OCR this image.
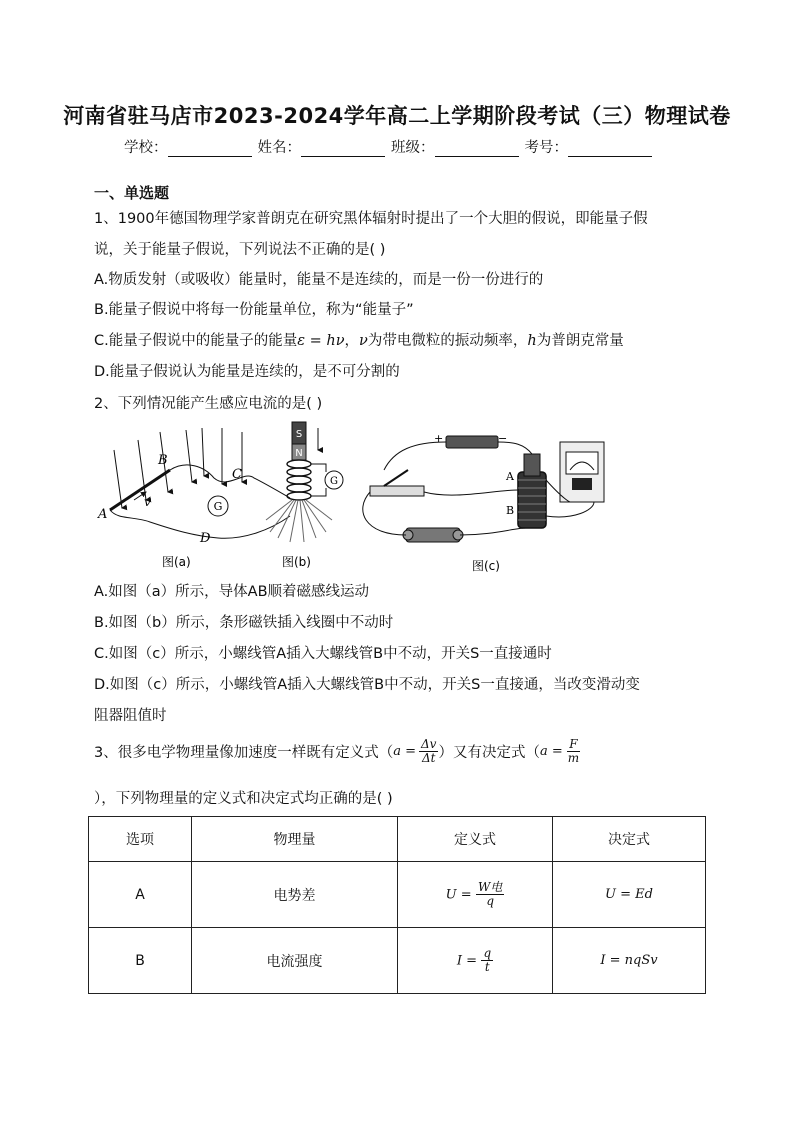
河南省驻马店市2023-2024学年高二上学期阶段考试（三）物理试卷
学校：	姓名：	班级：	考号：
一、单选题
1、1900年德国物理学家普朗克在研究黑体辐射时提出了一个大胆的假说，即能量子假
说，关于能量子假说，下列说法不正确的是( )
A.物质发射（或吸收）能量时，能量不是连续的，而是一份一份进行的
B.能量子假说中将每一份能量单位，称为“能量子”
C.能量子假说中的能量子的能量ε = hν，ν为带电微粒的振动频率，h为普朗克常量
D.能量子假说认为能量是连续的，是不可分割的
2、下列情况能产生感应电流的是( )
G
A
B
C
D
v
图(a)
S
N
G
图(b)
+	−
A
B
图(c)
A.如图（a）所示，导体AB顺着磁感线运动
B.如图（b）所示，条形磁铁插入线圈中不动时
C.如图（c）所示，小螺线管A插入大螺线管B中不动，开关S一直接通时
D.如图（c）所示，小螺线管A插入大螺线管B中不动，开关S一直接通，当改变滑动变
阻器阻值时
3、很多电学物理量像加速度一样既有定义式（ $a = \frac{\Delta v}{\Delta t}$ ）又有决定式（ $a = \frac{F}{m}$
），下列物理量的定义式和决定式均正确的是( )
选项	物理量	定义式	决定式
A	电势差	$U = \frac{\text{W电}}{q}$	U = Ed
B	电流强度	$I = \frac{q}{t}$	I = nqSv
